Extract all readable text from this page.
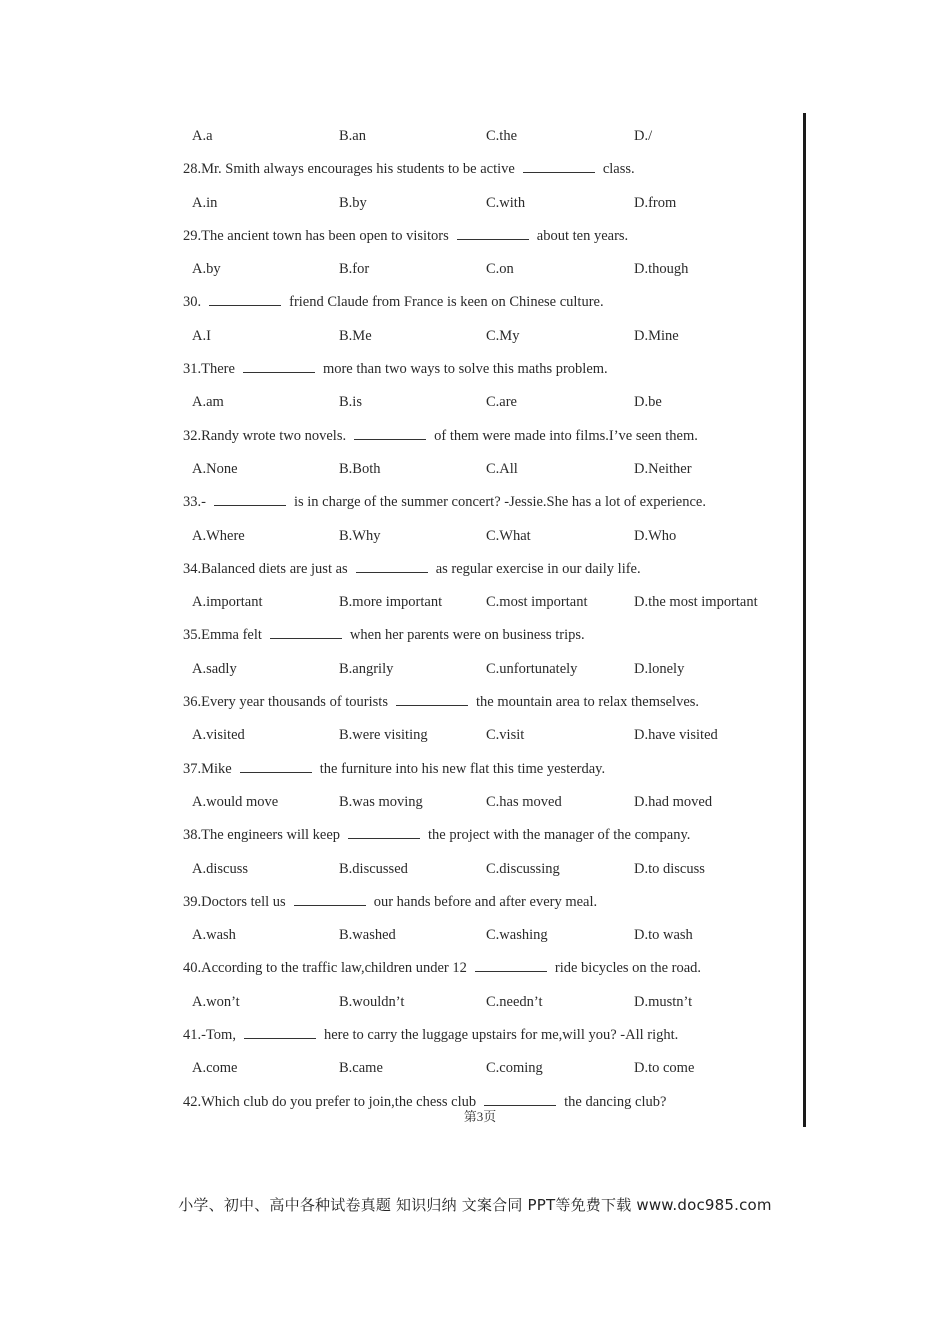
A.a	B.an	C.the	D./
28.Mr. Smith always encourages his students to be active	class.
A.in	B.by	C.with	D.from
29.The ancient town has been open to visitors	about ten years.
A.by	B.for	C.on	D.though
30.	friend Claude from France is keen on Chinese culture.
A.I	B.Me	C.My	D.Mine
31.There	more than two ways to solve this maths problem.
A.am	B.is	C.are	D.be
32.Randy wrote two novels.	of them were made into films.I’ve seen them.
A.None	B.Both	C.All	D.Neither
33.-	is in charge of the summer concert? -Jessie.She has a lot of experience.
A.Where	B.Why	C.What	D.Who
34.Balanced diets are just as	as regular exercise in our daily life.
A.important	B.more important	C.most important	D.the most important
35.Emma felt	when her parents were on business trips.
A.sadly	B.angrily	C.unfortunately	D.lonely
36.Every year thousands of tourists	the mountain area to relax themselves.
A.visited	B.were visiting	C.visit	D.have visited
37.Mike	the furniture into his new flat this time yesterday.
A.would move	B.was moving	C.has moved	D.had moved
38.The engineers will keep	the project with the manager of the company.
A.discuss	B.discussed	C.discussing	D.to discuss
39.Doctors tell us	our hands before and after every meal.
A.wash	B.washed	C.washing	D.to wash
40.According to the traffic law,children under 12	ride bicycles on the road.
A.won’t	B.wouldn’t	C.needn’t	D.mustn’t
41.-Tom,	here to carry the luggage upstairs for me,will you? -All right.
A.come	B.came	C.coming	D.to come
42.Which club do you prefer to join,the chess club	the dancing club?
第3页
小学、初中、高中各种试卷真题 知识归纳 文案合同 PPT等免费下载 www.doc985.com
